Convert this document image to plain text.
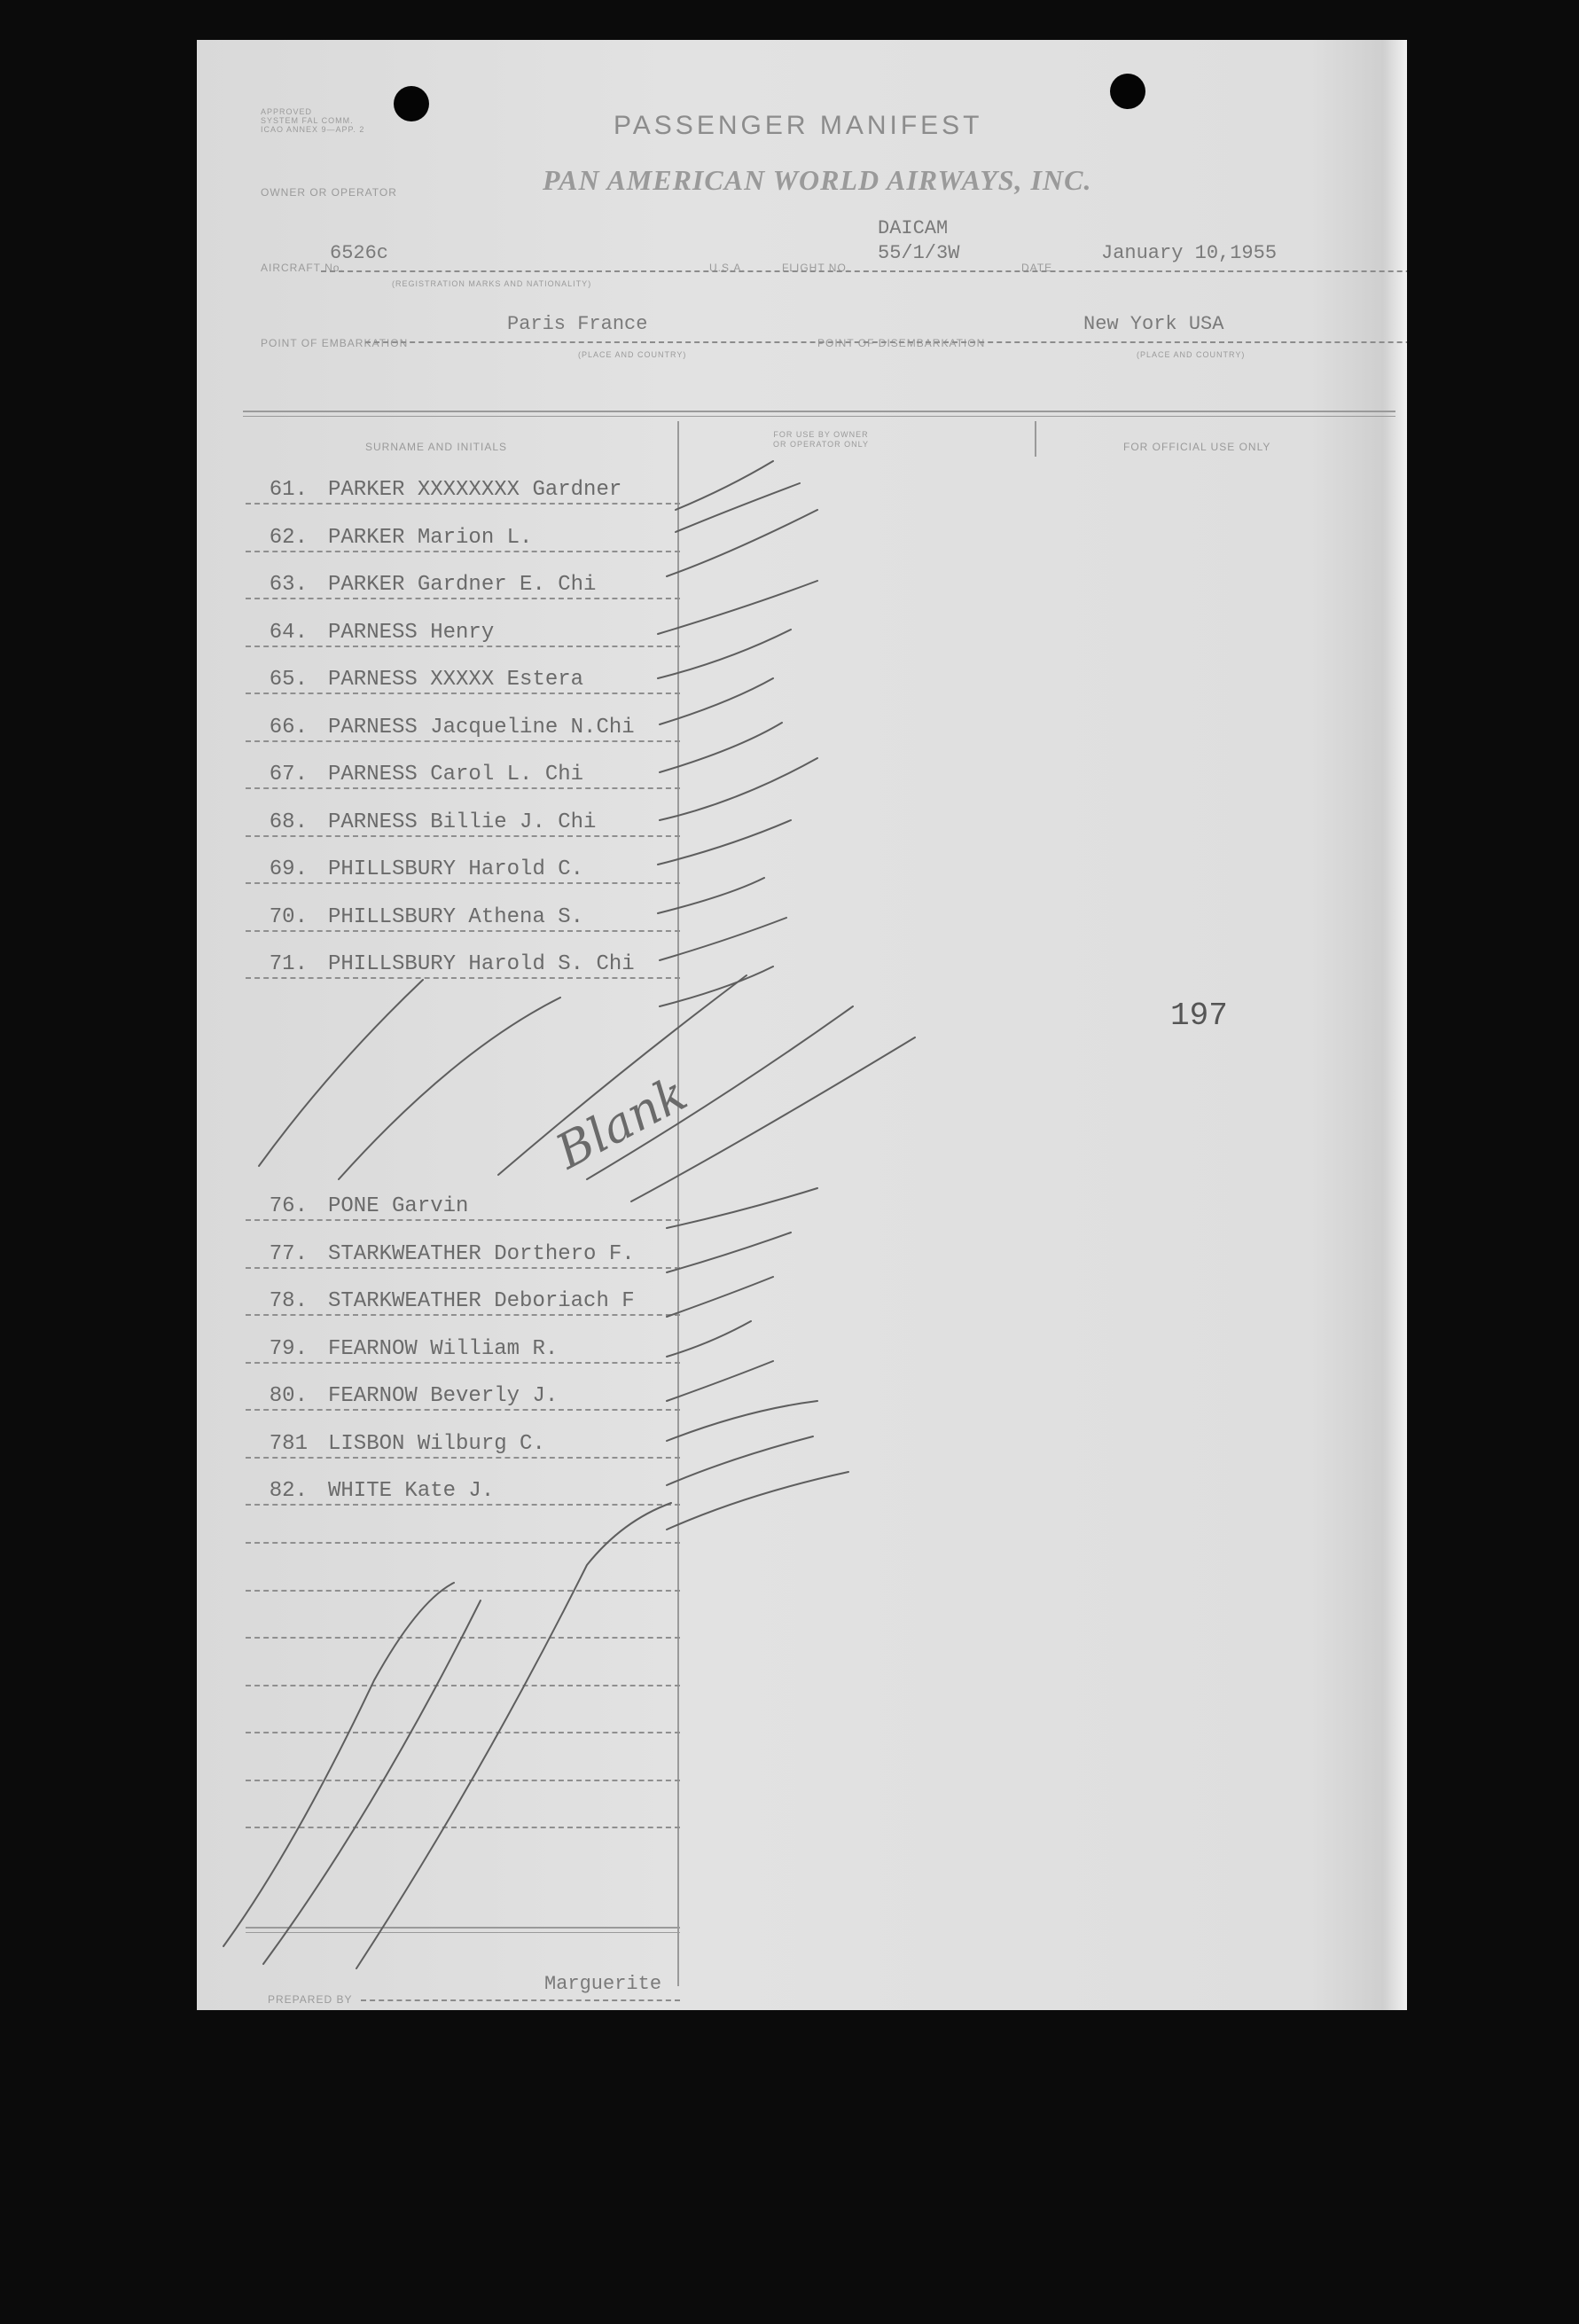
APPROVED
SYSTEM FAL COMM.
ICAO ANNEX 9—APP. 2	PASSENGER MANIFEST
OWNER OR OPERATOR	PAN AMERICAN WORLD AIRWAYS, INC.
DAICAM
AIRCRAFT No.
6526c
U.S.A.	FLIGHT NO.
55/1/3W
DATE
January 10,1955
(REGISTRATION MARKS AND NATIONALITY)
POINT OF EMBARKATION
Paris France
POINT OF DISEMBARKATION
New York USA
(PLACE AND COUNTRY)	(PLACE AND COUNTRY)
SURNAME AND INITIALS
FOR USE BY OWNER
OR OPERATOR ONLY	FOR OFFICIAL USE ONLY
61. PARKER XXXXXXXX Gardner
62. PARKER Marion L.
63. PARKER Gardner E. Chi
64. PARNESS Henry
65. PARNESS XXXXX Estera
66. PARNESS Jacqueline N.Chi
67. PARNESS Carol L. Chi
68. PARNESS Billie J. Chi
69. PHILLSBURY Harold C.
70. PHILLSBURY Athena S.
71. PHILLSBURY Harold S. Chi
76. PONE Garvin
77. STARKWEATHER Dorthero F.
78. STARKWEATHER Deboriach F
79. FEARNOW William R.
80. FEARNOW Beverly J.
781 LISBON Wilburg C.
82. WHITE Kate J.
Blank
197
PREPARED BY
Marguerite
